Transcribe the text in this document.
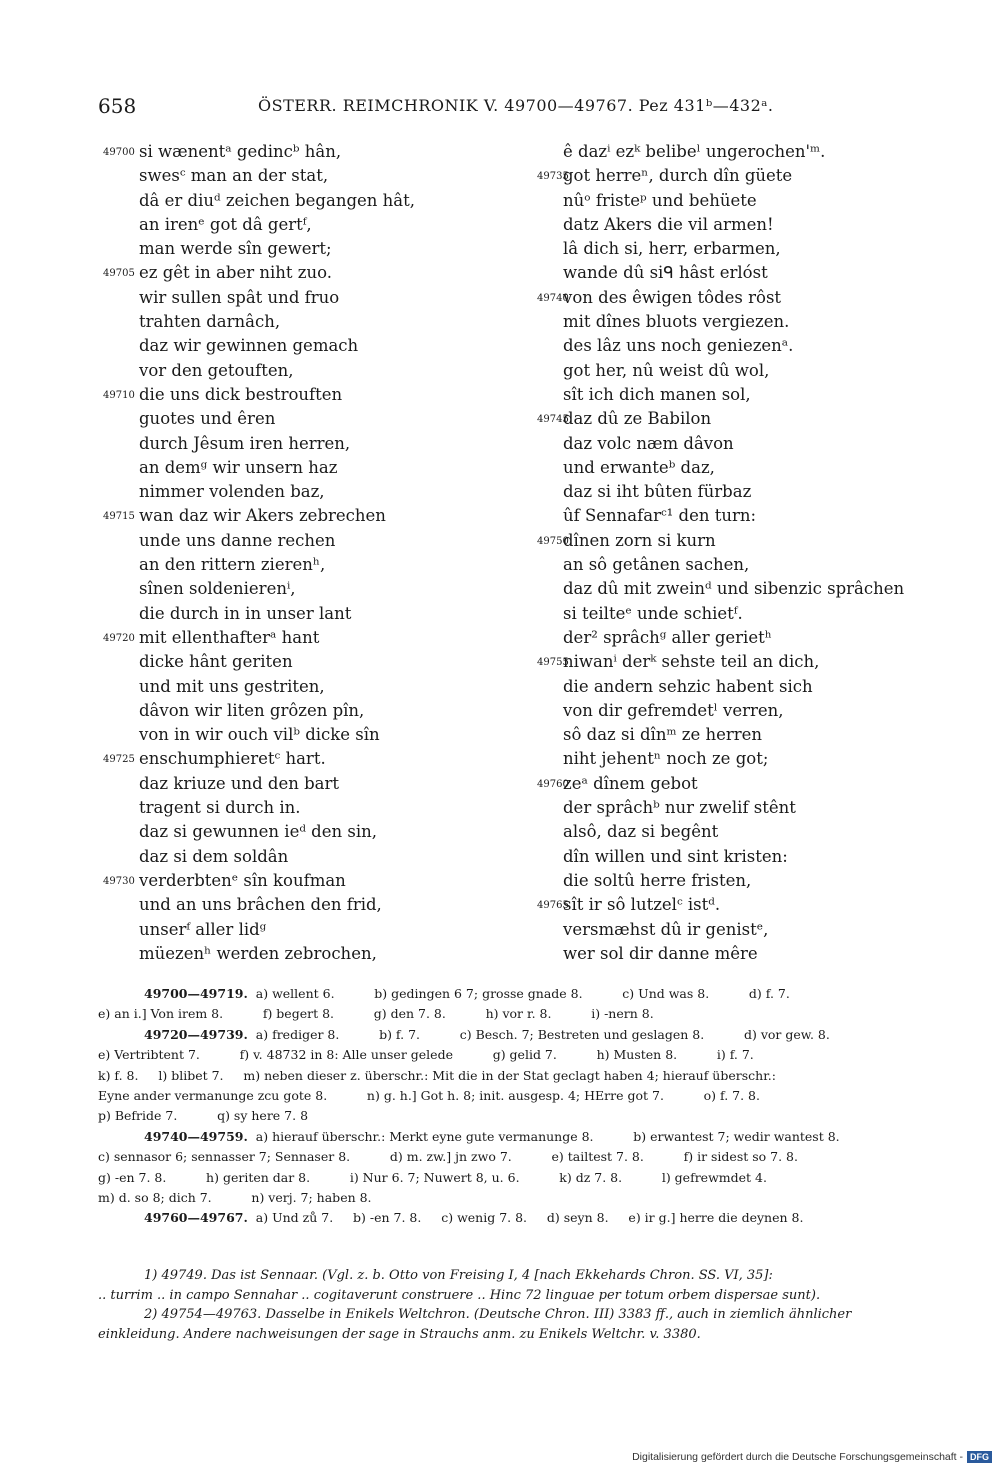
658	ÖSTERR. REIMCHRONIK V. 49700—49767. Pez 431ᵇ—432ᵃ.
49700 si wænentᵃ gedincᵇ hân,
swesᶜ man an der stat,
dâ er diuᵈ zeichen begangen hât,
an irenᵉ got dâ gertᶠ,
man werde sîn gewert;
49705 ez gêt in aber niht zuo.
wir sullen spât und fruo
trahten darnâch,
daz wir gewinnen gemach
vor den getouften,
49710 die uns dick bestrouften
guotes und êren
durch Jêsum iren herren,
an demᵍ wir unsern haz
nimmer volenden baz,
49715 wan daz wir Akers zebrechen
unde uns danne rechen
an den rittern zierenʰ,
sînen soldenierenⁱ,
die durch in in unser lant
49720 mit ellenthafterᵃ hant
dicke hânt geriten
und mit uns gestriten,
dâvon wir liten grôzen pîn,
von in wir ouch vilᵇ dicke sîn
49725 enschumphieretᶜ hart.
daz kriuze und den bart
tragent si durch in.
daz si gewunnen ieᵈ den sin,
daz si dem soldân
49730 verderbtenᵉ sîn koufman
und an uns brâchen den frid,
unserᶠ aller lidᵍ
müezenʰ werden zebrochen,
ê dazⁱ ezᵏ belibeˡ ungerochen'ᵐ.
49735
got herreⁿ, durch dîn güete
nûᵒ fristeᵖ und behüete
datz Akers die vil armen!
lâ dich si, herr, erbarmen,
wande dû siᑫ hâst erlóst
49740
von des êwigen tôdes rôst
mit dînes bluots vergiezen.
des lâz uns noch geniezenᵃ.
got her, nû weist dû wol,
sît ich dich manen sol,
49745
daz dû ze Babilon
daz volc næm dâvon
und erwanteᵇ daz,
daz si iht bûten fürbaz
ûf Sennafarᶜ¹ den turn:
49750
dînen zorn si kurn
an sô getânen sachen,
daz dû mit zweinᵈ und sibenzic sprâchen
si teilteᵉ unde schietᶠ.
der² sprâchᵍ aller gerietʰ
49755
niwanⁱ derᵏ sehste teil an dich,
die andern sehzic habent sich
von dir gefremdetˡ verren,
sô daz si dînᵐ ze herren
niht jehentⁿ noch ze got;
49760
zeᵃ dînem gebot
der sprâchᵇ nur zwelif stênt
alsô, daz si begênt
dîn willen und sint kristen:
die soltû herre fristen,
49765
sît ir sô lutzelᶜ istᵈ.
versmæhst dû ir genistᵉ,
wer sol dir danne mêre
49700—49719.  a) wellent 6.          b) gedingen 6 7; grosse gnade 8.          c) Und was 8.          d) f. 7.
e) an i.] Von irem 8.          f) begert 8.          g) den 7. 8.          h) vor r. 8.          i) -nern 8.
49720—49739.  a) frediger 8.          b) f. 7.          c) Besch. 7; Bestreten und geslagen 8.          d) vor gew. 8.
e) Vertribtent 7.          f) v. 48732 in 8: Alle unser gelede          g) gelid 7.          h) Musten 8.          i) f. 7.
k) f. 8.     l) blibet 7.     m) neben dieser z. überschr.: Mit die in der Stat geclagt haben 4; hierauf überschr.:
Eyne ander vermanunge zcu gote 8.          n) g. h.] Got h. 8; init. ausgesp. 4; HErre got 7.          o) f. 7. 8.
p) Befride 7.          q) sy here 7. 8
49740—49759.  a) hierauf überschr.: Merkt eyne gute vermanunge 8.          b) erwantest 7; wedir wantest 8.
c) sennasor 6; sennasser 7; Sennaser 8.          d) m. zw.] jn zwo 7.          e) tailtest 7. 8.          f) ir sidest so 7. 8.
g) -en 7. 8.          h) geriten dar 8.          i) Nur 6. 7; Nuwert 8, u. 6.          k) dz 7. 8.          l) gefrewmdet 4.
m) d. so 8; dich 7.          n) verj. 7; haben 8.
49760—49767.  a) Und zů 7.     b) -en 7. 8.     c) wenig 7. 8.     d) seyn 8.     e) ir g.] herre die deynen 8.
1) 49749. Das ist Sennaar. (Vgl. z. b. Otto von Freising I, 4 [nach Ekkehards Chron. SS. VI, 35]:
.. turrim .. in campo Sennahar .. cogitaverunt construere .. Hinc 72 linguae per totum orbem dispersae sunt).
2) 49754—49763. Dasselbe in Enikels Weltchron. (Deutsche Chron. III) 3383 ff., auch in ziemlich ähnlicher
einkleidung. Andere nachweisungen der sage in Strauchs anm. zu Enikels Weltchr. v. 3380.
Digitalisierung gefördert durch die Deutsche Forschungsgemeinschaft - DFG
